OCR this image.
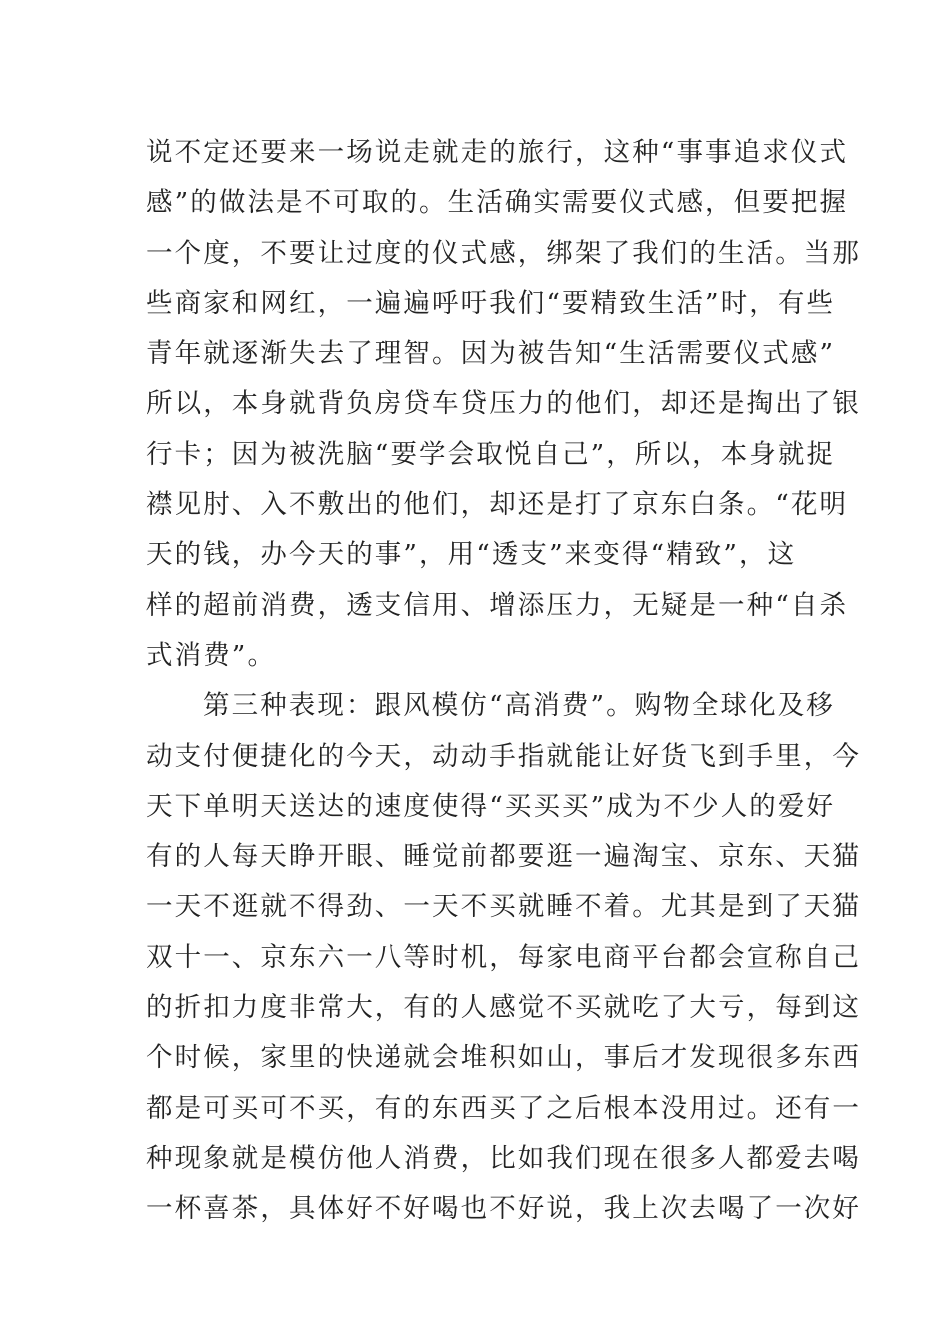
说不定还要来一场说走就走的旅行，这种“事事追求仪式
感”的做法是不可取的。生活确实需要仪式感，但要把握
一个度，不要让过度的仪式感，绑架了我们的生活。当那
些商家和网红，一遍遍呼吁我们“要精致生活”时，有些
青年就逐渐失去了理智。因为被告知“生活需要仪式感”
所以，本身就背负房贷车贷压力的他们，却还是掏出了银
行卡；因为被洗脑“要学会取悦自己”，所以，本身就捉
襟见肘、入不敷出的他们，却还是打了京东白条。“花明
天的钱，办今天的事”，用“透支”来变得“精致”，这
样的超前消费，透支信用、增添压力，无疑是一种“自杀
式消费”。
第三种表现：跟风模仿“高消费”。购物全球化及移
动支付便捷化的今天，动动手指就能让好货飞到手里，今
天下单明天送达的速度使得“买买买”成为不少人的爱好
有的人每天睁开眼、睡觉前都要逛一遍淘宝、京东、天猫
一天不逛就不得劲、一天不买就睡不着。尤其是到了天猫
双十一、京东六一八等时机，每家电商平台都会宣称自己
的折扣力度非常大，有的人感觉不买就吃了大亏，每到这
个时候，家里的快递就会堆积如山，事后才发现很多东西
都是可买可不买，有的东西买了之后根本没用过。还有一
种现象就是模仿他人消费，比如我们现在很多人都爱去喝
一杯喜茶，具体好不好喝也不好说，我上次去喝了一次好
